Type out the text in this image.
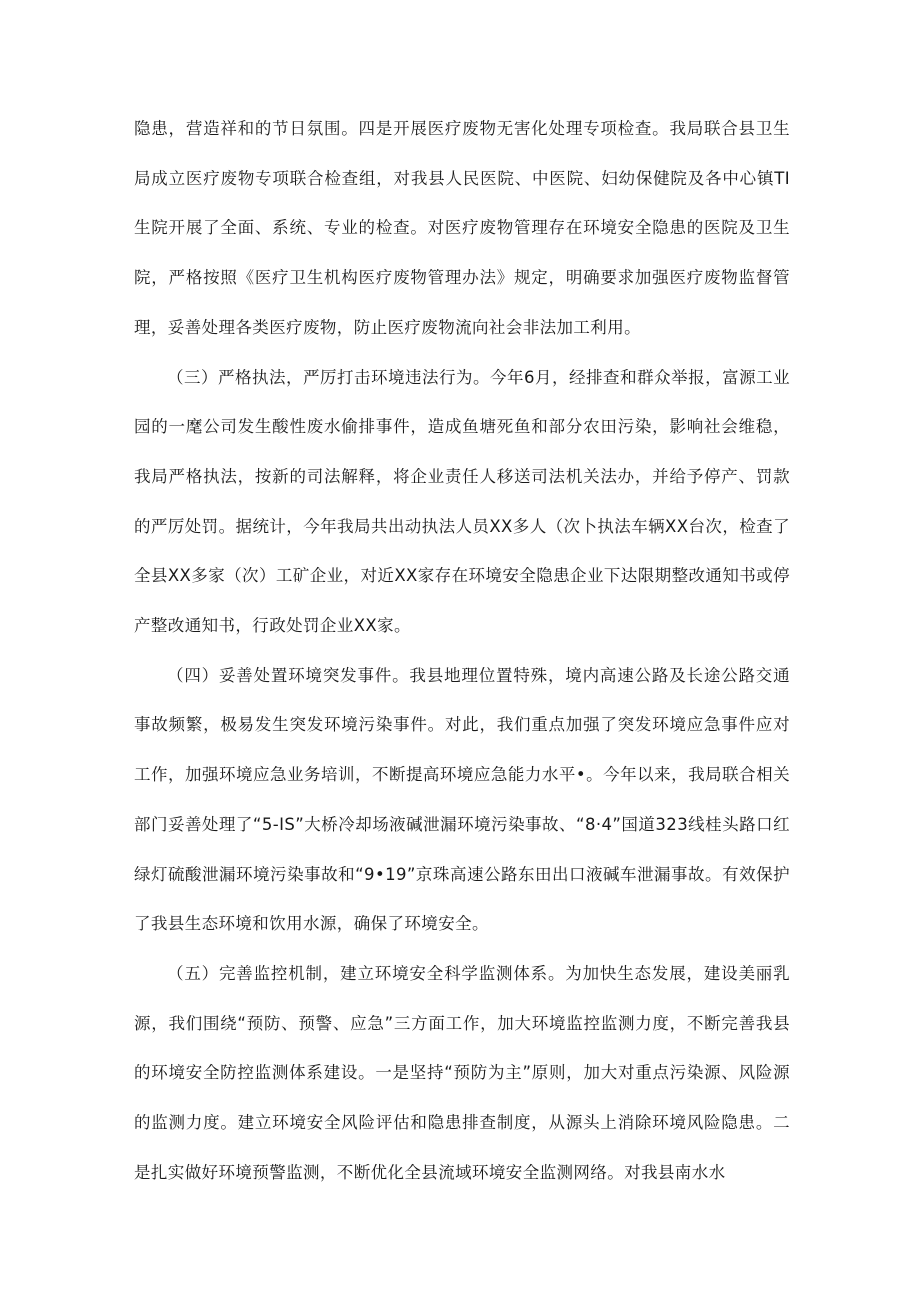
隐患，营造祥和的节日氛围。四是开展医疗废物无害化处理专项检查。我局联合县卫生局成立医疗废物专项联合检查组，对我县人民医院、中医院、妇幼保健院及各中心镇TI生院开展了全面、系统、专业的检查。对医疗废物管理存在环境安全隐患的医院及卫生院，严格按照《医疗卫生机构医疗废物管理办法》规定，明确要求加强医疗废物监督管理，妥善处理各类医疗废物，防止医疗废物流向社会非法加工利用。

（三）严格执法，严厉打击环境违法行为。今年6月，经排查和群众举报，富源工业园的一麾公司发生酸性废水偷排事件，造成鱼塘死鱼和部分农田污染，影响社会维稳，我局严格执法，按新的司法解释，将企业责任人移送司法机关法办，并给予停产、罚款的严厉处罚。据统计，今年我局共出动执法人员XX多人（次卜执法车辆XX台次，检查了全县XX多家（次）工矿企业，对近XX家存在环境安全隐患企业下达限期整改通知书或停产整改通知书，行政处罚企业XX家。

（四）妥善处置环境突发事件。我县地理位置特殊，境内高速公路及长途公路交通事故频繁，极易发生突发环境污染事件。对此，我们重点加强了突发环境应急事件应对工作，加强环境应急业务培训，不断提高环境应急能力水平•。今年以来，我局联合相关部门妥善处理了“5-IS”大桥冷却场液碱泄漏环境污染事故、“8·4”国道323线桂头路口红绿灯硫酸泄漏环境污染事故和“9•19”京珠高速公路东田出口液碱车泄漏事故。有效保护了我县生态环境和饮用水源，确保了环境安全。

（五）完善监控机制，建立环境安全科学监测体系。为加快生态发展，建设美丽乳源，我们围绕“预防、预警、应急”三方面工作，加大环境监控监测力度，不断完善我县的环境安全防控监测体系建设。一是坚持“预防为主”原则，加大对重点污染源、风险源的监测力度。建立环境安全风险评估和隐患排查制度，从源头上消除环境风险隐患。二是扎实做好环境预警监测，不断优化全县流域环境安全监测网络。对我县南水水
